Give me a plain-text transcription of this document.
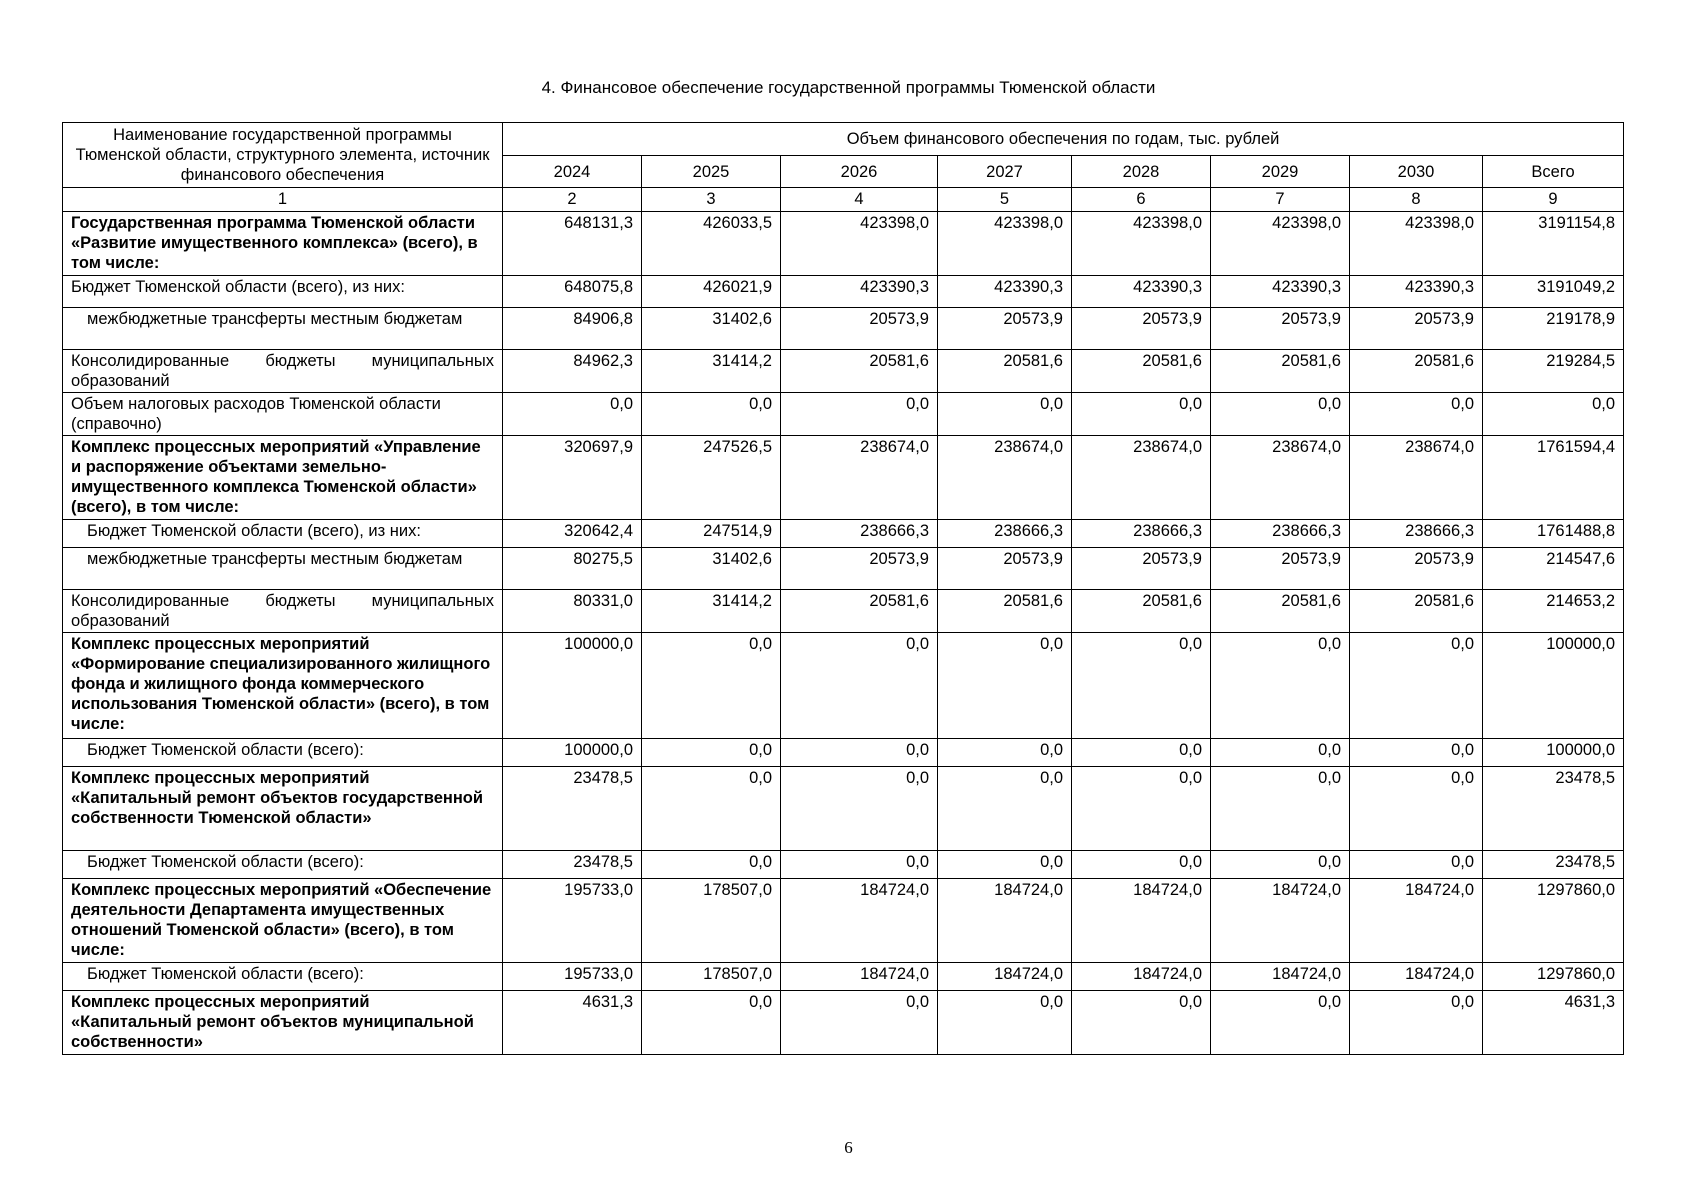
4. Финансовое обеспечение государственной программы Тюменской области
Наименование государственной программы Тюменской области, структурного элемента, источник финансового обеспечения	Объем финансового обеспечения по годам, тыс. рублей							
	2024	2025	2026	2027	2028	2029	2030	Всего
1	2	3	4	5	6	7	8	9
Государственная программа Тюменской области «Развитие имущественного комплекса» (всего), в том числе:	648131,3	426033,5	423398,0	423398,0	423398,0	423398,0	423398,0	3191154,8
Бюджет Тюменской области (всего), из них:	648075,8	426021,9	423390,3	423390,3	423390,3	423390,3	423390,3	3191049,2
межбюджетные трансферты местным бюджетам	84906,8	31402,6	20573,9	20573,9	20573,9	20573,9	20573,9	219178,9
Консолидированные бюджеты муниципальных образований	84962,3	31414,2	20581,6	20581,6	20581,6	20581,6	20581,6	219284,5
Объем налоговых расходов Тюменской области (справочно)	0,0	0,0	0,0	0,0	0,0	0,0	0,0	0,0
Комплекс процессных мероприятий «Управление и распоряжение объектами земельно-имущественного комплекса Тюменской области» (всего), в том числе:	320697,9	247526,5	238674,0	238674,0	238674,0	238674,0	238674,0	1761594,4
Бюджет Тюменской области (всего), из них:	320642,4	247514,9	238666,3	238666,3	238666,3	238666,3	238666,3	1761488,8
межбюджетные трансферты местным бюджетам	80275,5	31402,6	20573,9	20573,9	20573,9	20573,9	20573,9	214547,6
Консолидированные бюджеты муниципальных образований	80331,0	31414,2	20581,6	20581,6	20581,6	20581,6	20581,6	214653,2
Комплекс процессных мероприятий «Формирование специализированного жилищного фонда и жилищного фонда коммерческого использования Тюменской области» (всего), в том числе:	100000,0	0,0	0,0	0,0	0,0	0,0	0,0	100000,0
Бюджет Тюменской области (всего):	100000,0	0,0	0,0	0,0	0,0	0,0	0,0	100000,0
Комплекс процессных мероприятий «Капитальный ремонт объектов государственной собственности Тюменской области»	23478,5	0,0	0,0	0,0	0,0	0,0	0,0	23478,5
Бюджет Тюменской области (всего):	23478,5	0,0	0,0	0,0	0,0	0,0	0,0	23478,5
Комплекс процессных мероприятий «Обеспечение деятельности Департамента имущественных отношений Тюменской области» (всего), в том числе:	195733,0	178507,0	184724,0	184724,0	184724,0	184724,0	184724,0	1297860,0
Бюджет Тюменской области (всего):	195733,0	178507,0	184724,0	184724,0	184724,0	184724,0	184724,0	1297860,0
Комплекс процессных мероприятий «Капитальный ремонт объектов муниципальной собственности»	4631,3	0,0	0,0	0,0	0,0	0,0	0,0	4631,3
6
